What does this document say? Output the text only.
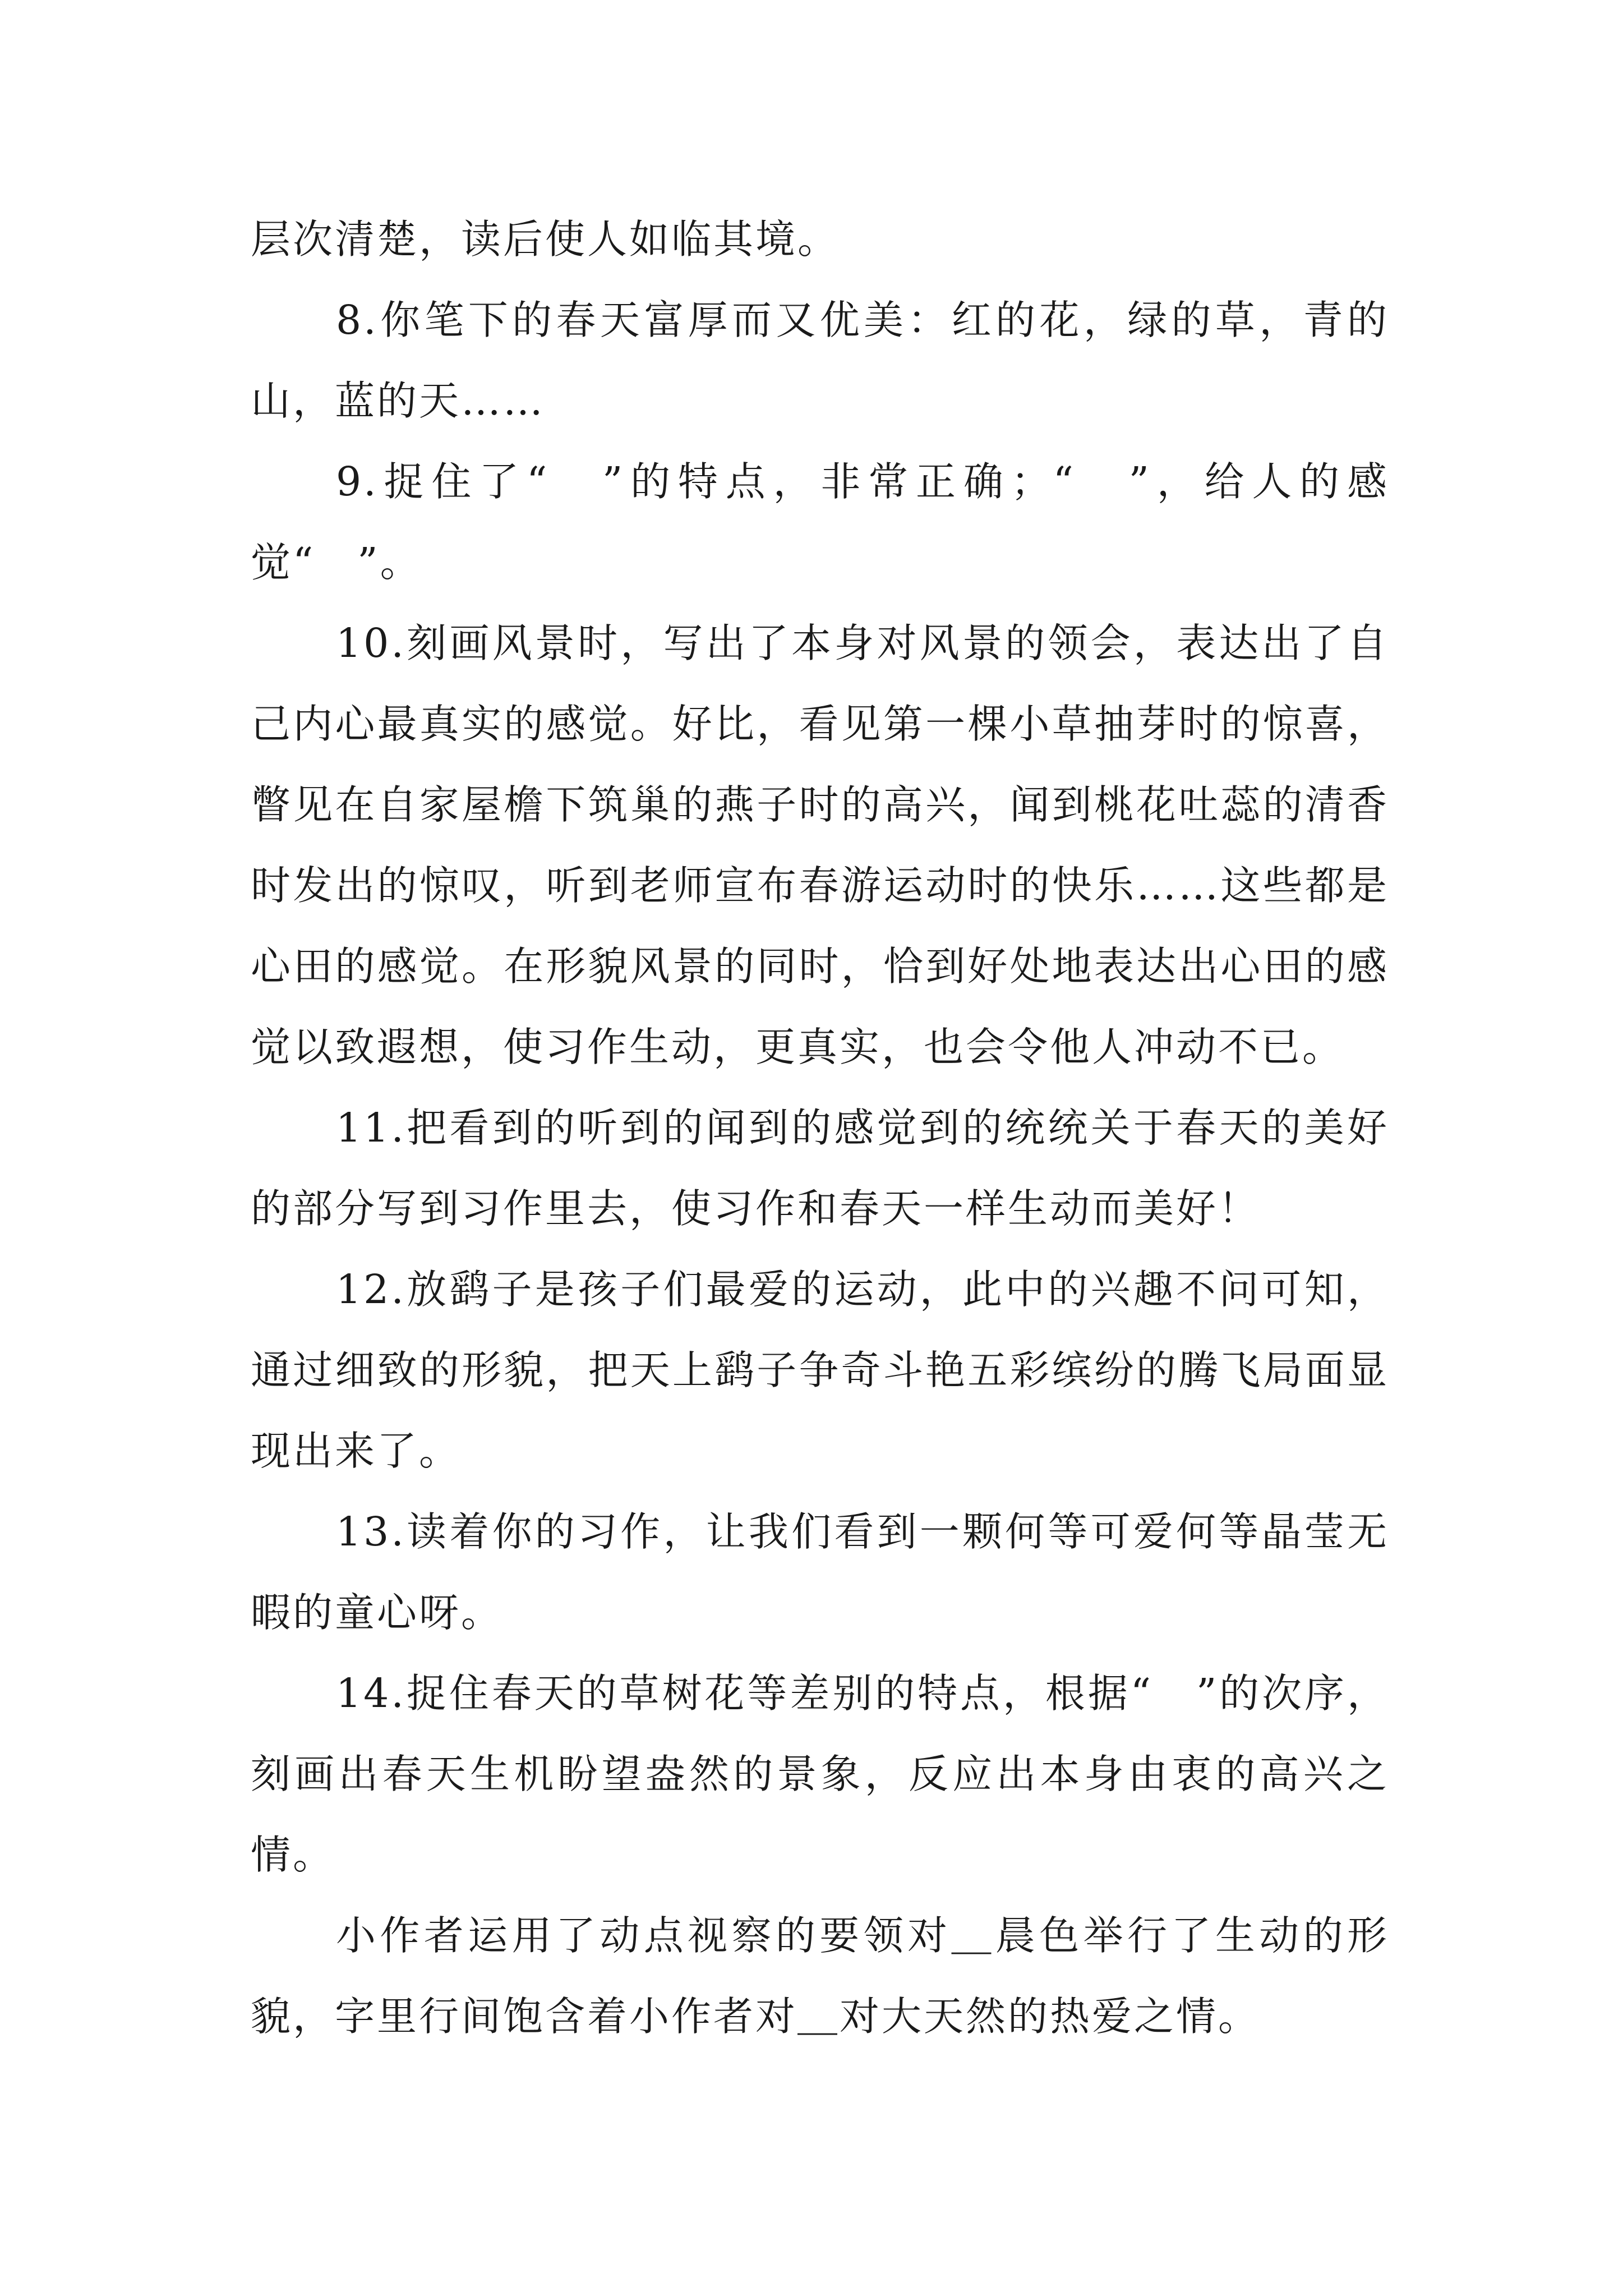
层次清楚，读后使人如临其境。

8.你笔下的春天富厚而又优美：红的花，绿的草，青的山，蓝的天……

9.捉住了“　”的特点，非常正确；“　”，给人的感觉“　”。

10.刻画风景时，写出了本身对风景的领会，表达出了自己内心最真实的感觉。好比，看见第一棵小草抽芽时的惊喜，瞥见在自家屋檐下筑巢的燕子时的高兴，闻到桃花吐蕊的清香时发出的惊叹，听到老师宣布春游运动时的快乐……这些都是心田的感觉。在形貌风景的同时，恰到好处地表达出心田的感觉以致遐想，使习作生动，更真实，也会令他人冲动不已。

11.把看到的听到的闻到的感觉到的统统关于春天的美好的部分写到习作里去，使习作和春天一样生动而美好！

12.放鹞子是孩子们最爱的运动，此中的兴趣不问可知，通过细致的形貌，把天上鹞子争奇斗艳五彩缤纷的腾飞局面显现出来了。

13.读着你的习作，让我们看到一颗何等可爱何等晶莹无暇的童心呀。

14.捉住春天的草树花等差别的特点，根据“　”的次序，刻画出春天生机盼望盎然的景象，反应出本身由衷的高兴之情。

小作者运用了动点视察的要领对＿晨色举行了生动的形貌，字里行间饱含着小作者对＿对大天然的热爱之情。
